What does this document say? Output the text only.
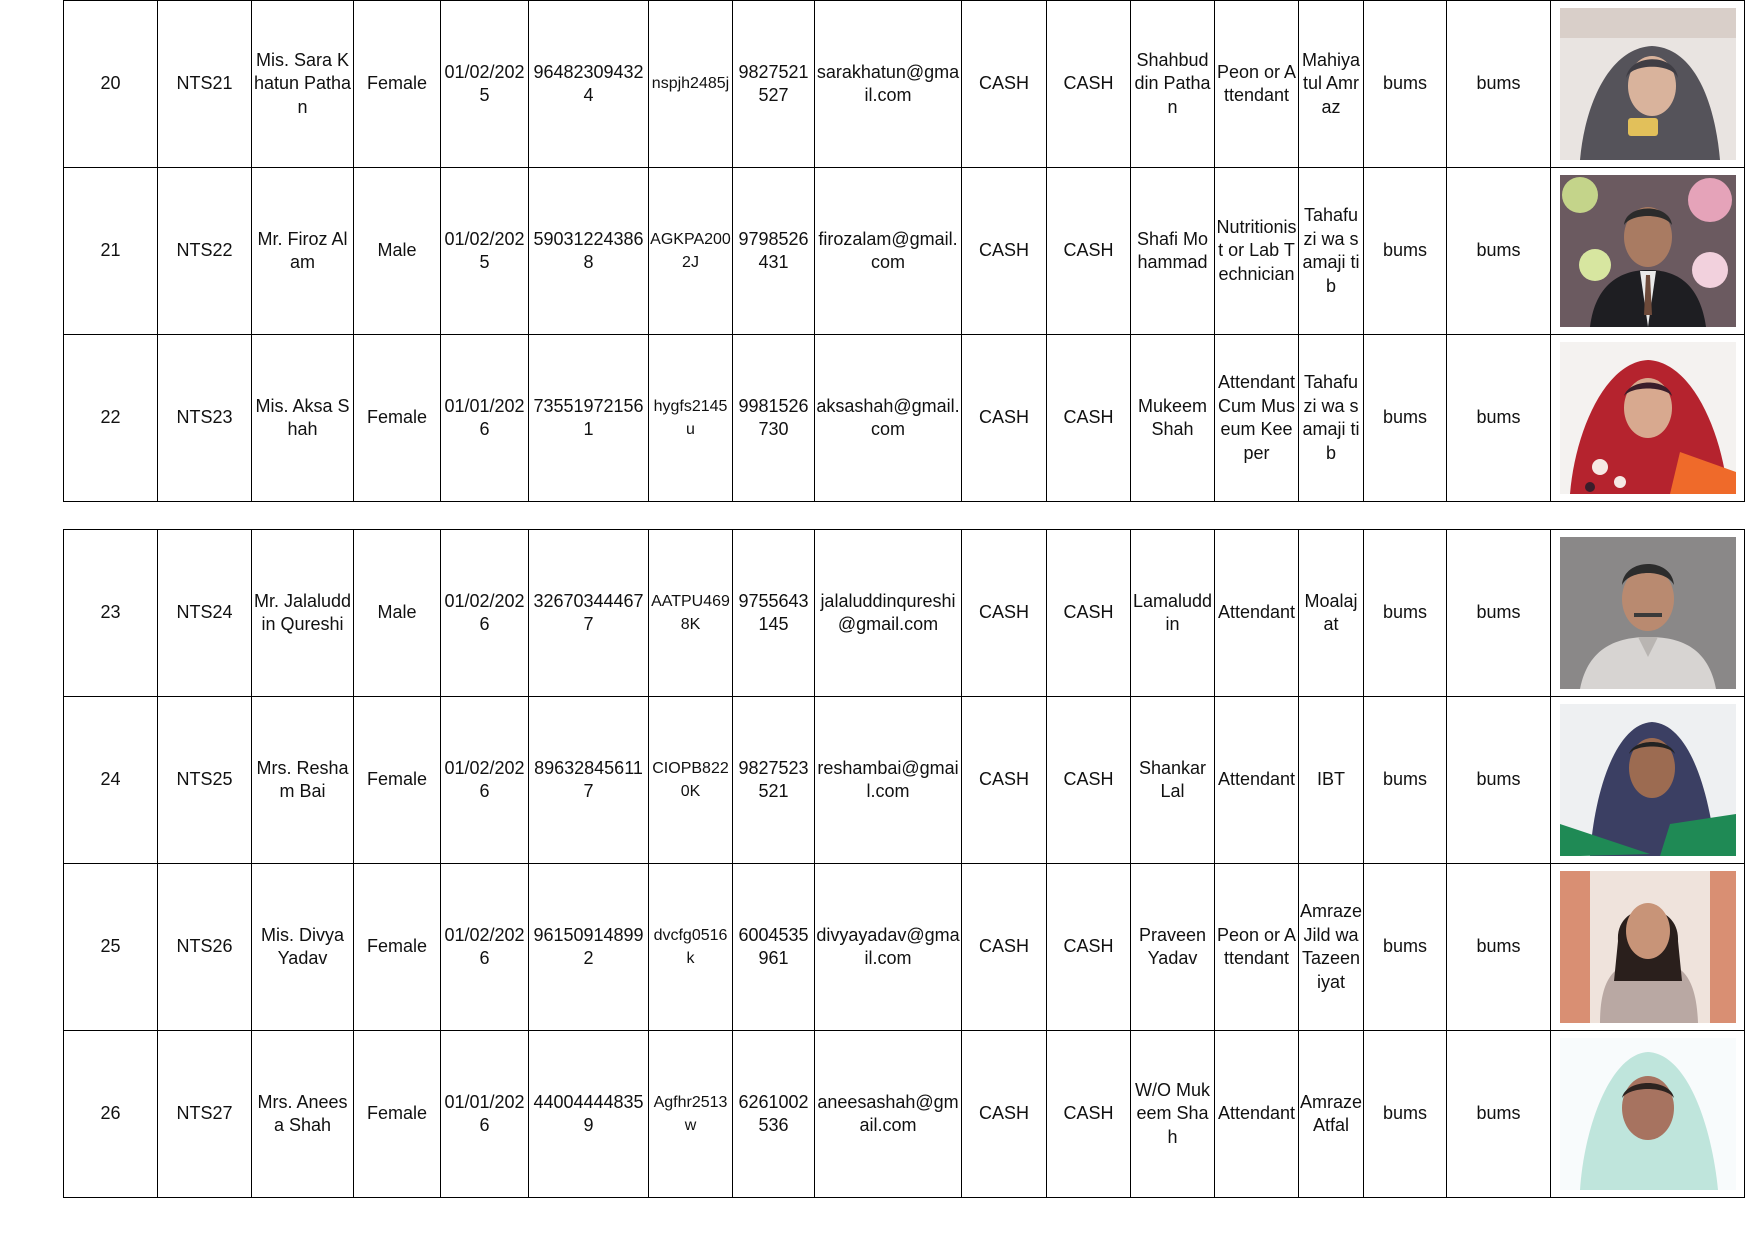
20	NTS21	Mis. Sara Khatun Pathan	Female	01/02/2025	964823094324	nspjh2485j	9827521527	sarakhatun@gmail.com	CASH	CASH	Shahbuddin Pathan	Peon or Attendant	Mahiyatul Amraz	bums	bums	

21	NTS22	Mr. Firoz Alam	Male	01/02/2025	590312243868	AGKPA2002J	9798526431	firozalam@gmail.com	CASH	CASH	Shafi Mohammad	Nutritionist or Lab Technician	Tahafuzi wa samaji tib	bums	bums	

22	NTS23	Mis. Aksa Shah	Female	01/01/2026	735519721561	hygfs2145u	9981526730	aksashah@gmail.com	CASH	CASH	Mukeem Shah	Attendant Cum Museum Keeper	Tahafuzi wa samaji tib	bums	bums	
23	NTS24	Mr. Jalaluddin Qureshi	Male	01/02/2026	326703444677	AATPU4698K	9755643145	jalaluddinqureshi@gmail.com	CASH	CASH	Lamaluddin	Attendant	Moalajat	bums	bums	

24	NTS25	Mrs. Resham Bai	Female	01/02/2026	896328456117	CIOPB8220K	9827523521	reshambai@gmail.com	CASH	CASH	Shankar Lal	Attendant	IBT	bums	bums	

25	NTS26	Mis. Divya Yadav	Female	01/02/2026	961509148992	dvcfg0516k	6004535961	divyayadav@gmail.com	CASH	CASH	Praveen Yadav	Peon or Attendant	Amraze Jild wa Tazeeniyat	bums	bums	

26	NTS27	Mrs. Aneesa Shah	Female	01/01/2026	440044448359	Agfhr2513w	6261002536	aneesashah@gmail.com	CASH	CASH	W/O Mukeem Shah	Attendant	Amraze Atfal	bums	bums	
